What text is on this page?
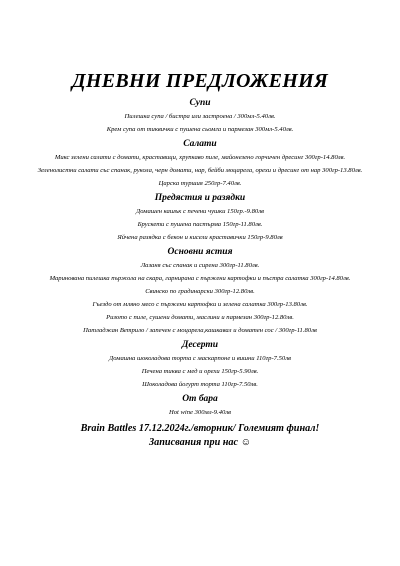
ДНЕВНИ ПРЕДЛОЖЕНИЯ
Супи
Пилешка супа / бистра или застроена / 300мл-5.40лв.
Крем супа от тиквички с пушена сьомга и пармезан 300мл-5.40лв.
Салати
Микс зелени салати с домати, краставици, хрупкаво пиле, майонезено горчичен дресинг 300гр-14.80лв.
Зеленолистни салати със спанак, рукола, черн домати, нар, бейби моцарела, орехи и дресинг от нар 300гр-13.80лв.
Царска туршия 250гр-7.40лв.
Предястия и разядки
Домашен кашък с печени чушки 150гр.-9.80лв
Брускети с пушена пастърма 150гр-11.80лв.
Яйчена разядка с бекон и кисели краставички 150гр-9.80лв
Основни ястия
Лазаня със спанак и сирена 300гр-11.80лв.
Маринована пилешка пържола на скара, гарнирана с пържени картофки и пъстра салатка 300гр-14.80лв.
Свинско по градинарски 300гр-12.80лв.
Гъездо от мляно месо с пържени картофки и зелена салатка 300гр-13.80лв.
Ризото с пиле, сушени домати, маслини и пармезан 300гр-12.80лв.
Патладжан Ветрило / запечен с моцарела,кашкавал и доматен сос / 300гр-11.80лв
Десерти
Домашна шоколадова торта с маскарпоне и вишни 110гр-7.50лв
Печена тиква с мед и орехи 150гр-5.90лв.
Шоколадова йогурт торта 110гр-7.50лв.
От бара
Hot wine 300мл-9.40лв
Brain Battles 17.12.2024г./вторник/ Големият финал!
Записвания при нас ☺
